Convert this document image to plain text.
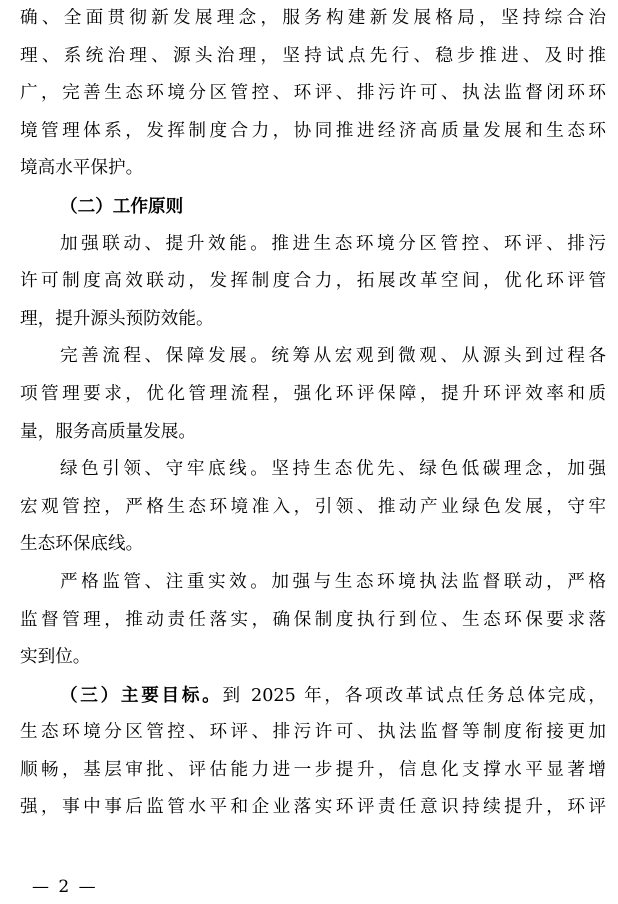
确、全面贯彻新发展理念，服务构建新发展格局，坚持综合治
理、系统治理、源头治理，坚持试点先行、稳步推进、及时推
广，完善生态环境分区管控、环评、排污许可、执法监督闭环环
境管理体系，发挥制度合力，协同推进经济高质量发展和生态环
境高水平保护。
（二）工作原则
加强联动、提升效能。推进生态环境分区管控、环评、排污
许可制度高效联动，发挥制度合力，拓展改革空间，优化环评管
理，提升源头预防效能。
完善流程、保障发展。统筹从宏观到微观、从源头到过程各
项管理要求，优化管理流程，强化环评保障，提升环评效率和质
量，服务高质量发展。
绿色引领、守牢底线。坚持生态优先、绿色低碳理念，加强
宏观管控，严格生态环境准入，引领、推动产业绿色发展，守牢
生态环保底线。
严格监管、注重实效。加强与生态环境执法监督联动，严格
监督管理，推动责任落实，确保制度执行到位、生态环保要求落
实到位。
（三）主要目标。到 2025 年，各项改革试点任务总体完成，
生态环境分区管控、环评、排污许可、执法监督等制度衔接更加
顺畅，基层审批、评估能力进一步提升，信息化支撑水平显著增
强，事中事后监管水平和企业落实环评责任意识持续提升，环评
— 2 —
